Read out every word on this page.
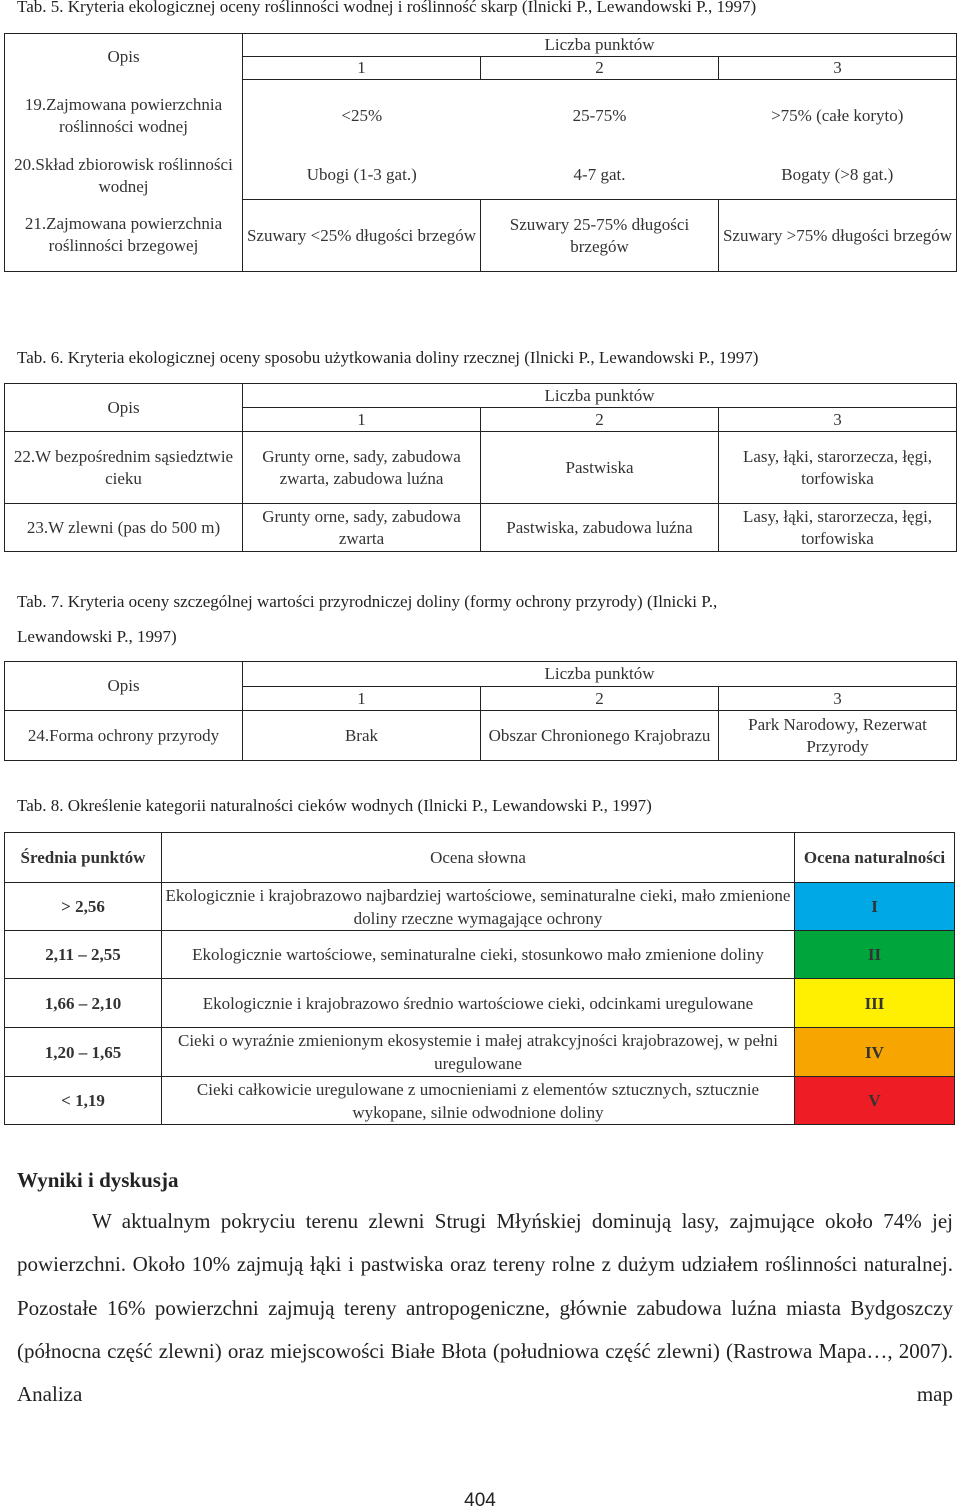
Tab. 5. Kryteria ekologicznej oceny roślinności wodnej i roślinność skarp (Ilnicki P., Lewandowski P., 1997)
Opis	Liczba punktów		
	1	2	3
19.Zajmowana powierzchnia roślinności wodnej	<25%	25-75%	>75% (całe koryto)
20.Skład zbiorowisk roślinności wodnej	Ubogi (1-3 gat.)	4-7 gat.	Bogaty (>8 gat.)
21.Zajmowana powierzchnia roślinności brzegowej	Szuwary <25% długości brzegów	Szuwary 25-75% długości brzegów	Szuwary >75% długości brzegów
Tab. 6. Kryteria ekologicznej oceny sposobu użytkowania doliny rzecznej (Ilnicki P., Lewandowski P., 1997)
Opis	Liczba punktów		
	1	2	3
22.W bezpośrednim sąsiedztwie cieku	Grunty orne, sady, zabudowa zwarta, zabudowa luźna	Pastwiska	Lasy, łąki, starorzecza, łęgi, torfowiska
23.W zlewni (pas do 500 m)	Grunty orne, sady, zabudowa zwarta	Pastwiska, zabudowa luźna	Lasy, łąki, starorzecza, łęgi, torfowiska
Tab. 7. Kryteria oceny szczególnej wartości przyrodniczej doliny (formy ochrony przyrody) (Ilnicki P.,
Lewandowski P., 1997)
Opis	Liczba punktów		
	1	2	3
24.Forma ochrony przyrody	Brak	Obszar Chronionego Krajobrazu	Park Narodowy, Rezerwat Przyrody
Tab. 8. Określenie kategorii naturalności cieków wodnych (Ilnicki P., Lewandowski P., 1997)
Średnia punktów	Ocena słowna	Ocena naturalności
> 2,56	Ekologicznie i krajobrazowo najbardziej wartościowe, seminaturalne cieki, mało zmienione doliny rzeczne wymagające ochrony	I
2,11 – 2,55	Ekologicznie wartościowe, seminaturalne cieki, stosunkowo mało zmienione doliny	II
1,66 – 2,10	Ekologicznie i krajobrazowo średnio wartościowe cieki, odcinkami uregulowane	III
1,20 – 1,65	Cieki o wyraźnie zmienionym ekosystemie i małej atrakcyjności krajobrazowej, w pełni uregulowane	IV
< 1,19	Cieki całkowicie uregulowane z umocnieniami z elementów sztucznych, sztucznie wykopane, silnie odwodnione doliny	V
Wyniki i dyskusja

W aktualnym pokryciu terenu zlewni Strugi Młyńskiej dominują lasy, zajmujące około 74% jej powierzchni. Około 10% zajmują łąki i pastwiska oraz tereny rolne z dużym udziałem roślinności naturalnej. Pozostałe 16% powierzchni zajmują tereny antropogeniczne, głównie zabudowa luźna miasta Bydgoszczy (północna część zlewni) oraz miejscowości Białe Błota (południowa część zlewni) (Rastrowa Mapa…, 2007). Analiza map

404
